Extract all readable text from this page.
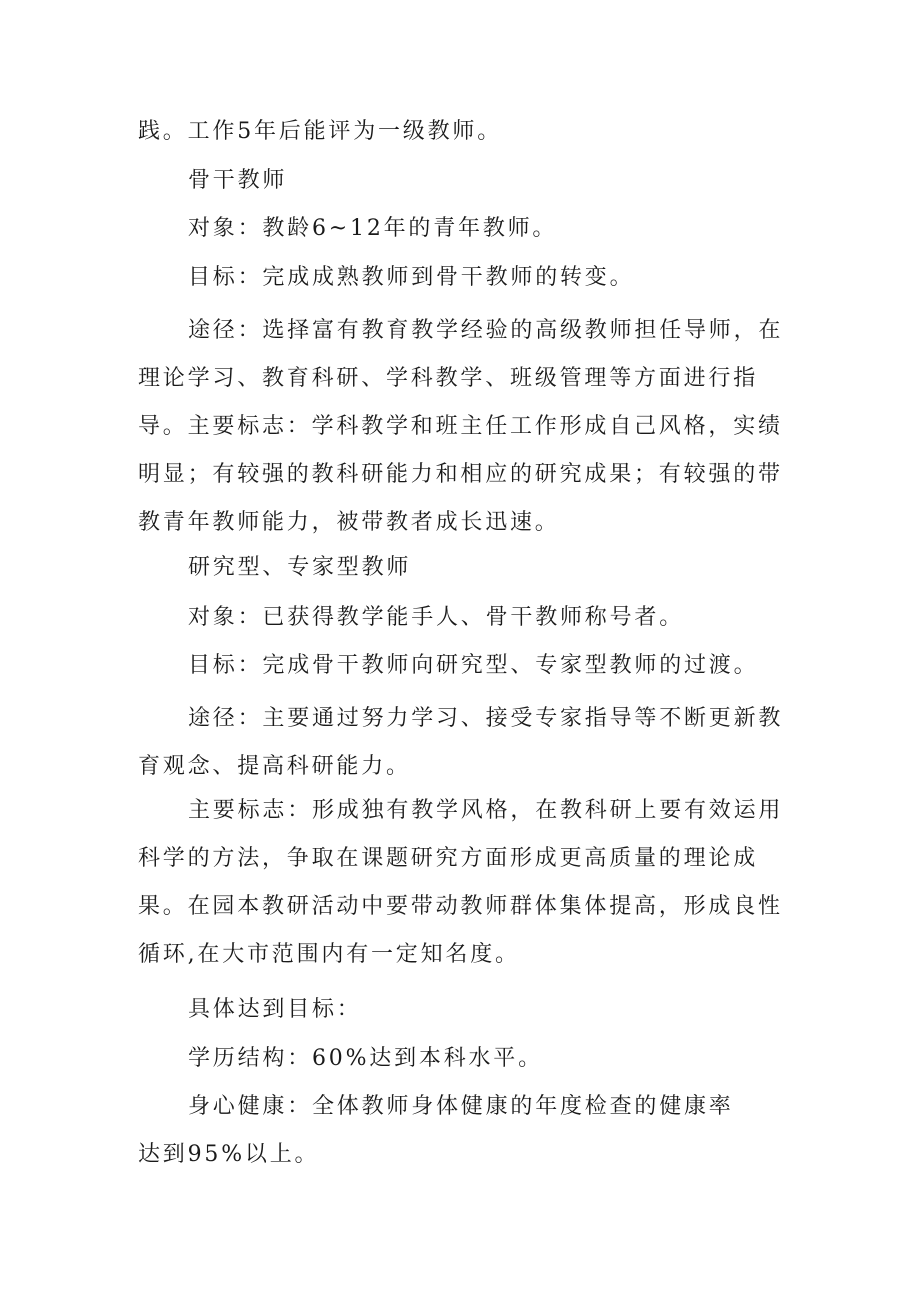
践。工作5年后能评为一级教师。

骨干教师

对象：教龄6~12年的青年教师。

目标：完成成熟教师到骨干教师的转变。

途径：选择富有教育教学经验的高级教师担任导师，在理论学习、教育科研、学科教学、班级管理等方面进行指导。主要标志：学科教学和班主任工作形成自己风格，实绩明显；有较强的教科研能力和相应的研究成果；有较强的带教青年教师能力，被带教者成长迅速。

研究型、专家型教师

对象：已获得教学能手人、骨干教师称号者。

目标：完成骨干教师向研究型、专家型教师的过渡。

途径：主要通过努力学习、接受专家指导等不断更新教育观念、提高科研能力。

主要标志：形成独有教学风格，在教科研上要有效运用科学的方法，争取在课题研究方面形成更高质量的理论成果。在园本教研活动中要带动教师群体集体提高，形成良性循环,在大市范围内有一定知名度。

具体达到目标：

学历结构：60%达到本科水平。

身心健康：全体教师身体健康的年度检查的健康率达到95%以上。
